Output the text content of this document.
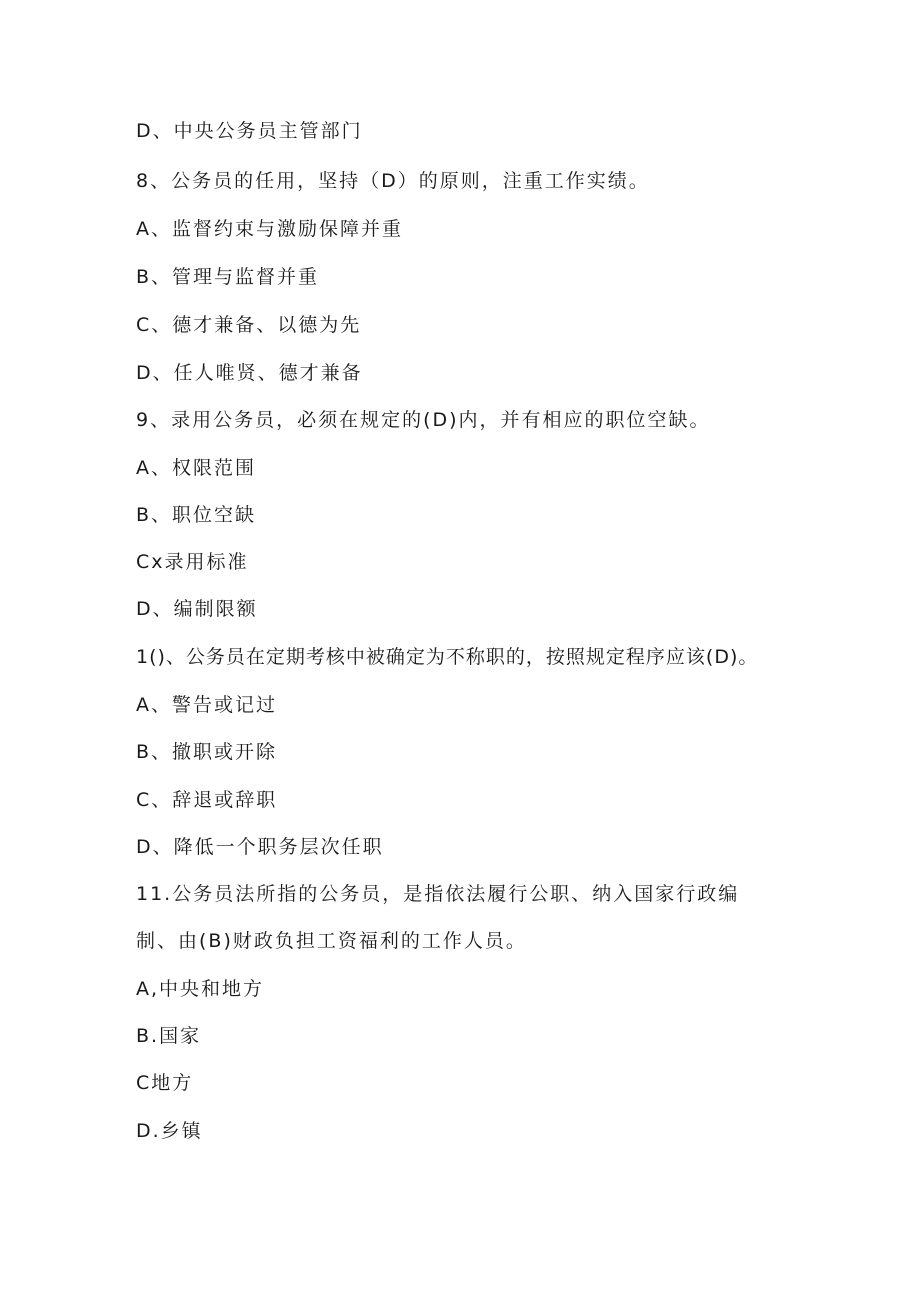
D、中央公务员主管部门
8、公务员的任用，坚持（D）的原则，注重工作实绩。
A、监督约束与激励保障并重
B、管理与监督并重
C、德才兼备、以德为先
D、任人唯贤、德才兼备
9、录用公务员，必须在规定的(D)内，并有相应的职位空缺。
A、权限范围
B、职位空缺
Cx录用标准
D、编制限额
1()、公务员在定期考核中被确定为不称职的，按照规定程序应该(D)。
A、警告或记过
B、撤职或开除
C、辞退或辞职
D、降低一个职务层次任职
11.公务员法所指的公务员，是指依法履行公职、纳入国家行政编
制、由(B)财政负担工资福利的工作人员。
A,中央和地方
B.国家
C地方
D.乡镇
